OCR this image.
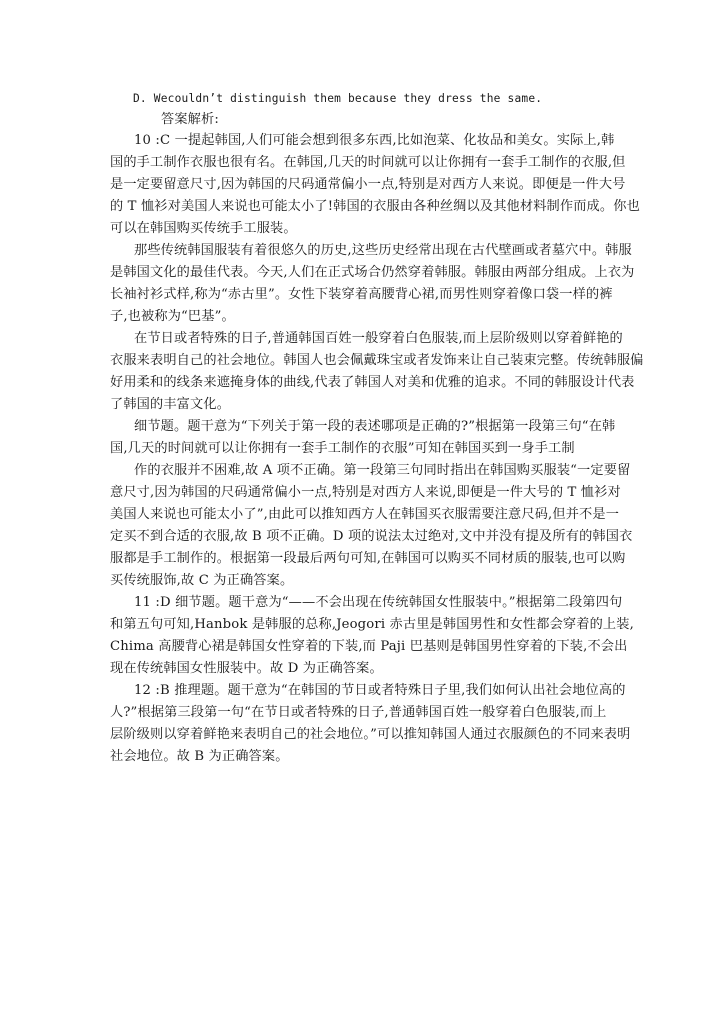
D. Wecouldn’t distinguish them because they dress the same.
答案解析:
10 :C 一提起韩国,人们可能会想到很多东西,比如泡菜、化妆品和美女。实际上,韩
国的手工制作衣服也很有名。在韩国,几天的时间就可以让你拥有一套手工制作的衣服,但
是一定要留意尺寸,因为韩国的尺码通常偏小一点,特别是对西方人来说。即便是一件大号
的 T 恤衫对美国人来说也可能太小了!韩国的衣服由各种丝绸以及其他材料制作而成。你也
可以在韩国购买传统手工服装。
那些传统韩国服装有着很悠久的历史,这些历史经常出现在古代壁画或者墓穴中。韩服
是韩国文化的最佳代表。今天,人们在正式场合仍然穿着韩服。韩服由两部分组成。上衣为
长袖衬衫式样,称为“赤古里”。女性下装穿着高腰背心裙,而男性则穿着像口袋一样的裤
子,也被称为“巴基”。
在节日或者特殊的日子,普通韩国百姓一般穿着白色服装,而上层阶级则以穿着鲜艳的
衣服来表明自己的社会地位。韩国人也会佩戴珠宝或者发饰来让自己装束完整。传统韩服偏
好用柔和的线条来遮掩身体的曲线,代表了韩国人对美和优雅的追求。不同的韩服设计代表
了韩国的丰富文化。
细节题。题干意为“下列关于第一段的表述哪项是正确的?”根据第一段第三句“在韩
国,几天的时间就可以让你拥有一套手工制作的衣服”可知在韩国买到一身手工制
作的衣服并不困难,故 A 项不正确。第一段第三句同时指出在韩国购买服装“一定要留
意尺寸,因为韩国的尺码通常偏小一点,特别是对西方人来说,即便是一件大号的 T 恤衫对
美国人来说也可能太小了”,由此可以推知西方人在韩国买衣服需要注意尺码,但并不是一
定买不到合适的衣服,故 B 项不正确。D 项的说法太过绝对,文中并没有提及所有的韩国衣
服都是手工制作的。根据第一段最后两句可知,在韩国可以购买不同材质的服装,也可以购
买传统服饰,故 C 为正确答案。
11 :D 细节题。题干意为“——不会出现在传统韩国女性服装中。”根据第二段第四句
和第五句可知,Hanbok 是韩服的总称,Jeogori 赤古里是韩国男性和女性都会穿着的上装,
Chima 高腰背心裙是韩国女性穿着的下装,而 Paji 巴基则是韩国男性穿着的下装,不会出
现在传统韩国女性服装中。故 D 为正确答案。
12 :B 推理题。题干意为“在韩国的节日或者特殊日子里,我们如何认出社会地位高的
人?”根据第三段第一句“在节日或者特殊的日子,普通韩国百姓一般穿着白色服装,而上
层阶级则以穿着鲜艳来表明自己的社会地位。”可以推知韩国人通过衣服颜色的不同来表明
社会地位。故 B 为正确答案。
